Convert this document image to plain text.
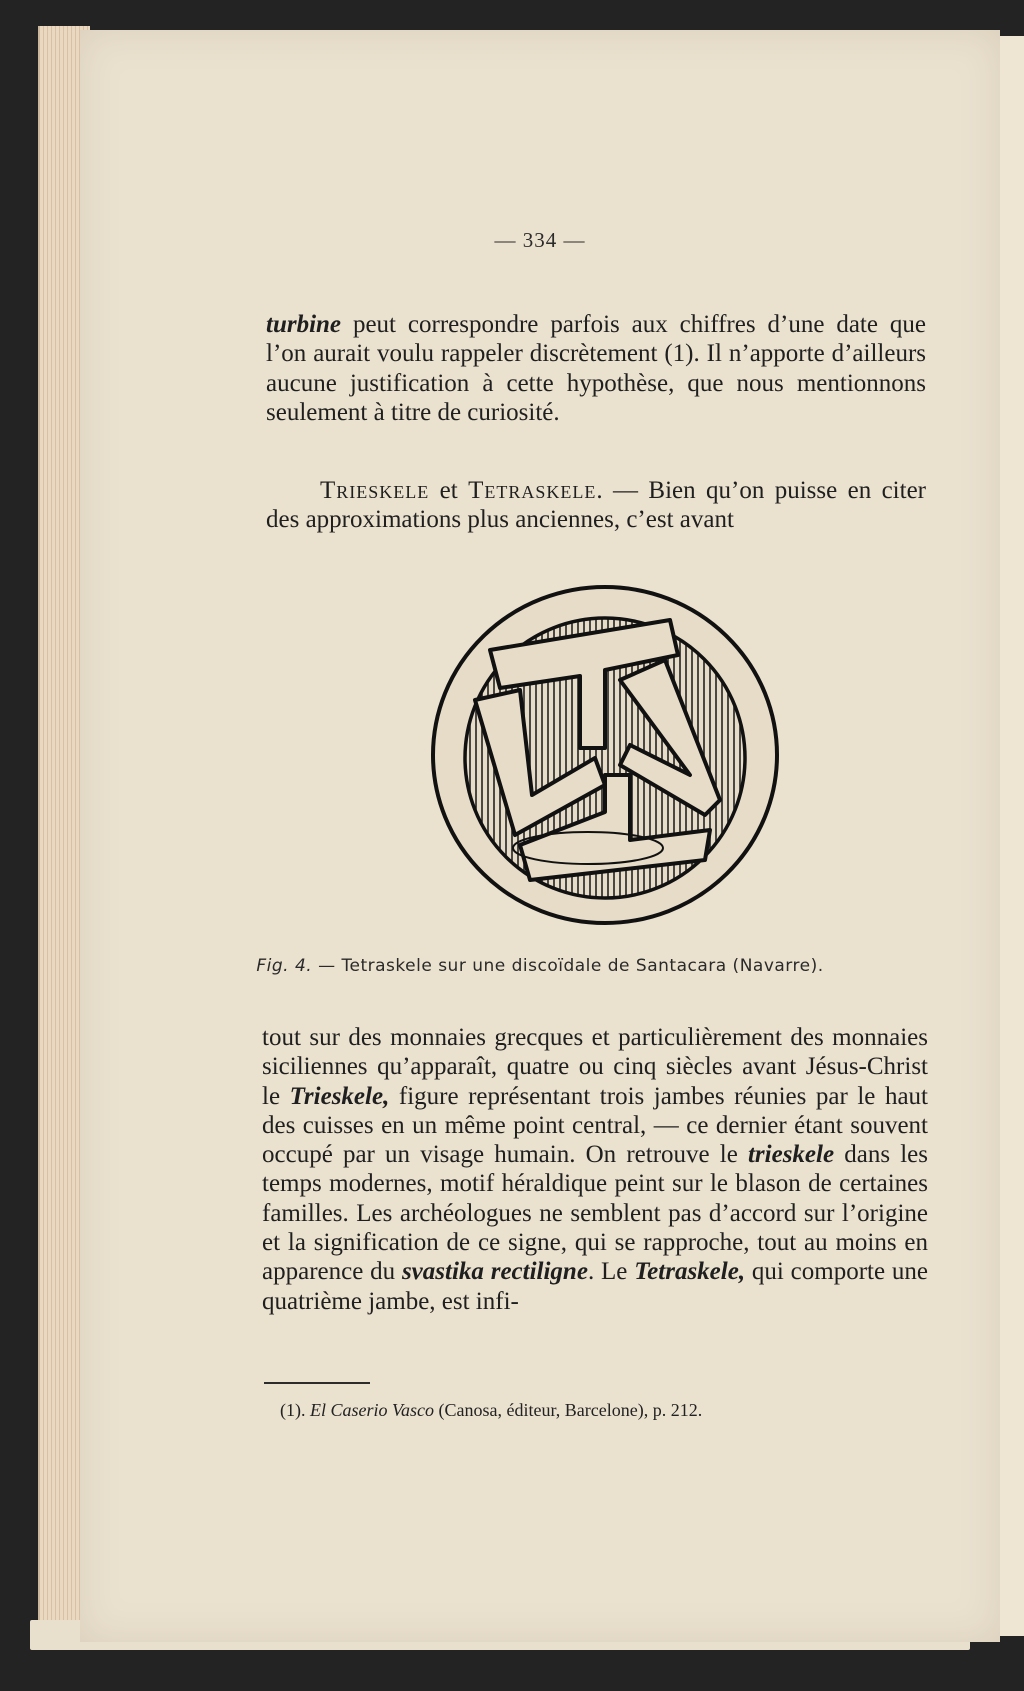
— 334 —

turbine peut correspondre parfois aux chiffres d’une date que l’on aurait voulu rappeler discrètement (1). Il n’apporte d’ailleurs aucune justification à cette hypothèse, que nous mentionnons seulement à titre de curiosité.

Trieskele et Tetraskele. — Bien qu’on puisse en citer des approximations plus anciennes, c’est avant

Fig. 4. — Tetraskele sur une discoïdale de Santacara (Navarre).

tout sur des monnaies grecques et particulièrement des monnaies siciliennes qu’apparaît, quatre ou cinq siècles avant Jésus-Christ le Trieskele, figure représentant trois jambes réunies par le haut des cuisses en un même point central, — ce dernier étant souvent occupé par un visage humain. On retrouve le trieskele dans les temps modernes, motif héraldique peint sur le blason de certaines familles. Les archéologues ne semblent pas d’accord sur l’origine et la signification de ce signe, qui se rapproche, tout au moins en apparence du svastika rectiligne. Le Tetraskele, qui comporte une quatrième jambe, est infi-

(1). El Caserio Vasco (Canosa, éditeur, Barcelone), p. 212.
